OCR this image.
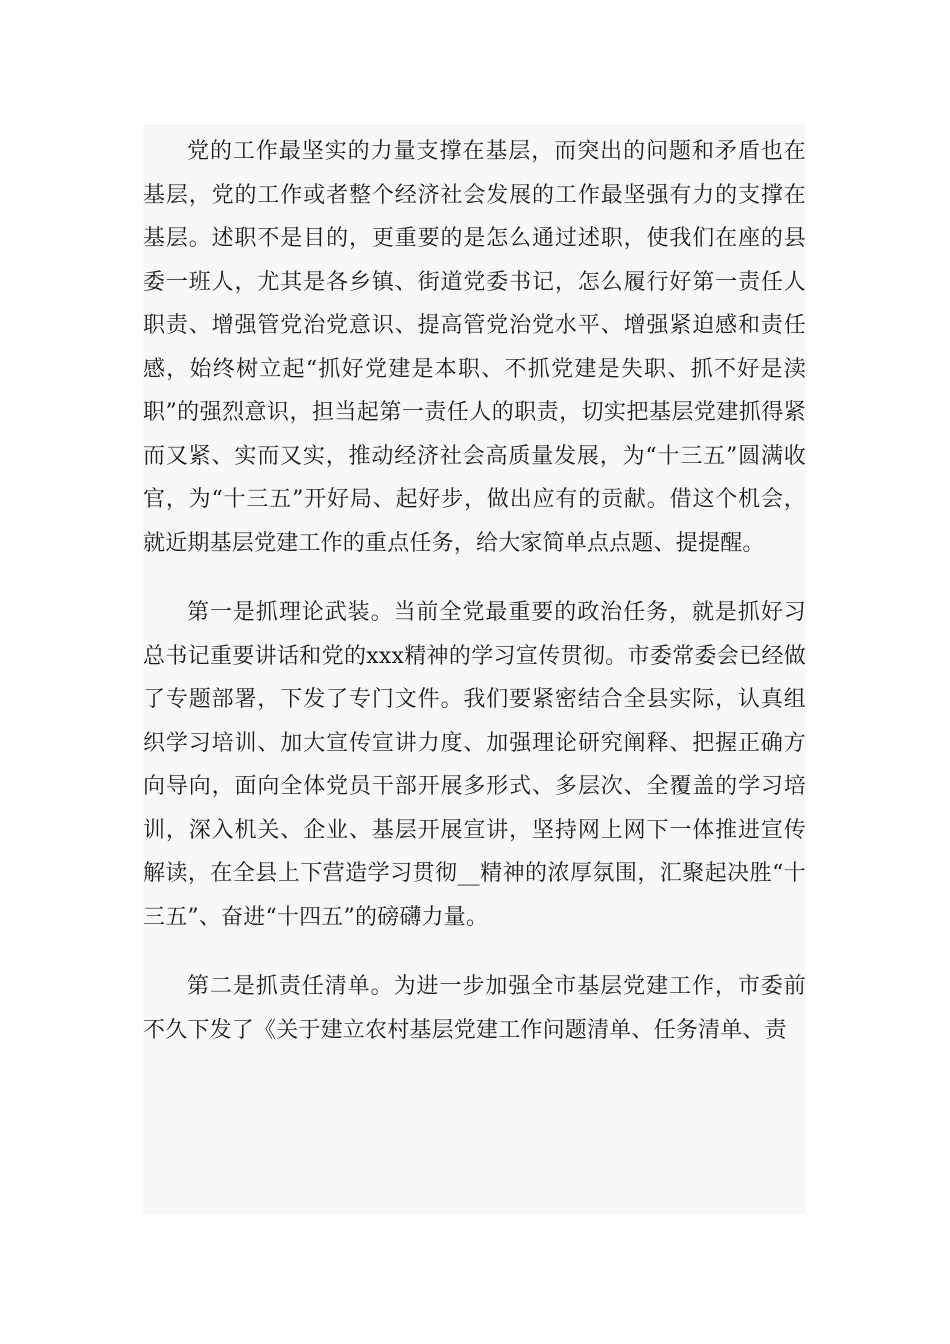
党的工作最坚实的力量支撑在基层，而突出的问题和矛盾也在基层，党的工作或者整个经济社会发展的工作最坚强有力的支撑在基层。述职不是目的，更重要的是怎么通过述职，使我们在座的县委一班人，尤其是各乡镇、街道党委书记，怎么履行好第一责任人职责、增强管党治党意识、提高管党治党水平、增强紧迫感和责任感，始终树立起“抓好党建是本职、不抓党建是失职、抓不好是渎职”的强烈意识，担当起第一责任人的职责，切实把基层党建抓得紧而又紧、实而又实，推动经济社会高质量发展，为“十三五”圆满收官，为“十三五”开好局、起好步，做出应有的贡献。借这个机会，就近期基层党建工作的重点任务，给大家简单点点题、提提醒。

第一是抓理论武装。当前全党最重要的政治任务，就是抓好习总书记重要讲话和党的xxx精神的学习宣传贯彻。市委常委会已经做了专题部署，下发了专门文件。我们要紧密结合全县实际，认真组织学习培训、加大宣传宣讲力度、加强理论研究阐释、把握正确方向导向，面向全体党员干部开展多形式、多层次、全覆盖的学习培训，深入机关、企业、基层开展宣讲，坚持网上网下一体推进宣传解读，在全县上下营造学习贯彻__精神的浓厚氛围，汇聚起决胜“十三五”、奋进“十四五”的磅礴力量。

第二是抓责任清单。为进一步加强全市基层党建工作，市委前不久下发了《关于建立农村基层党建工作问题清单、任务清单、责
